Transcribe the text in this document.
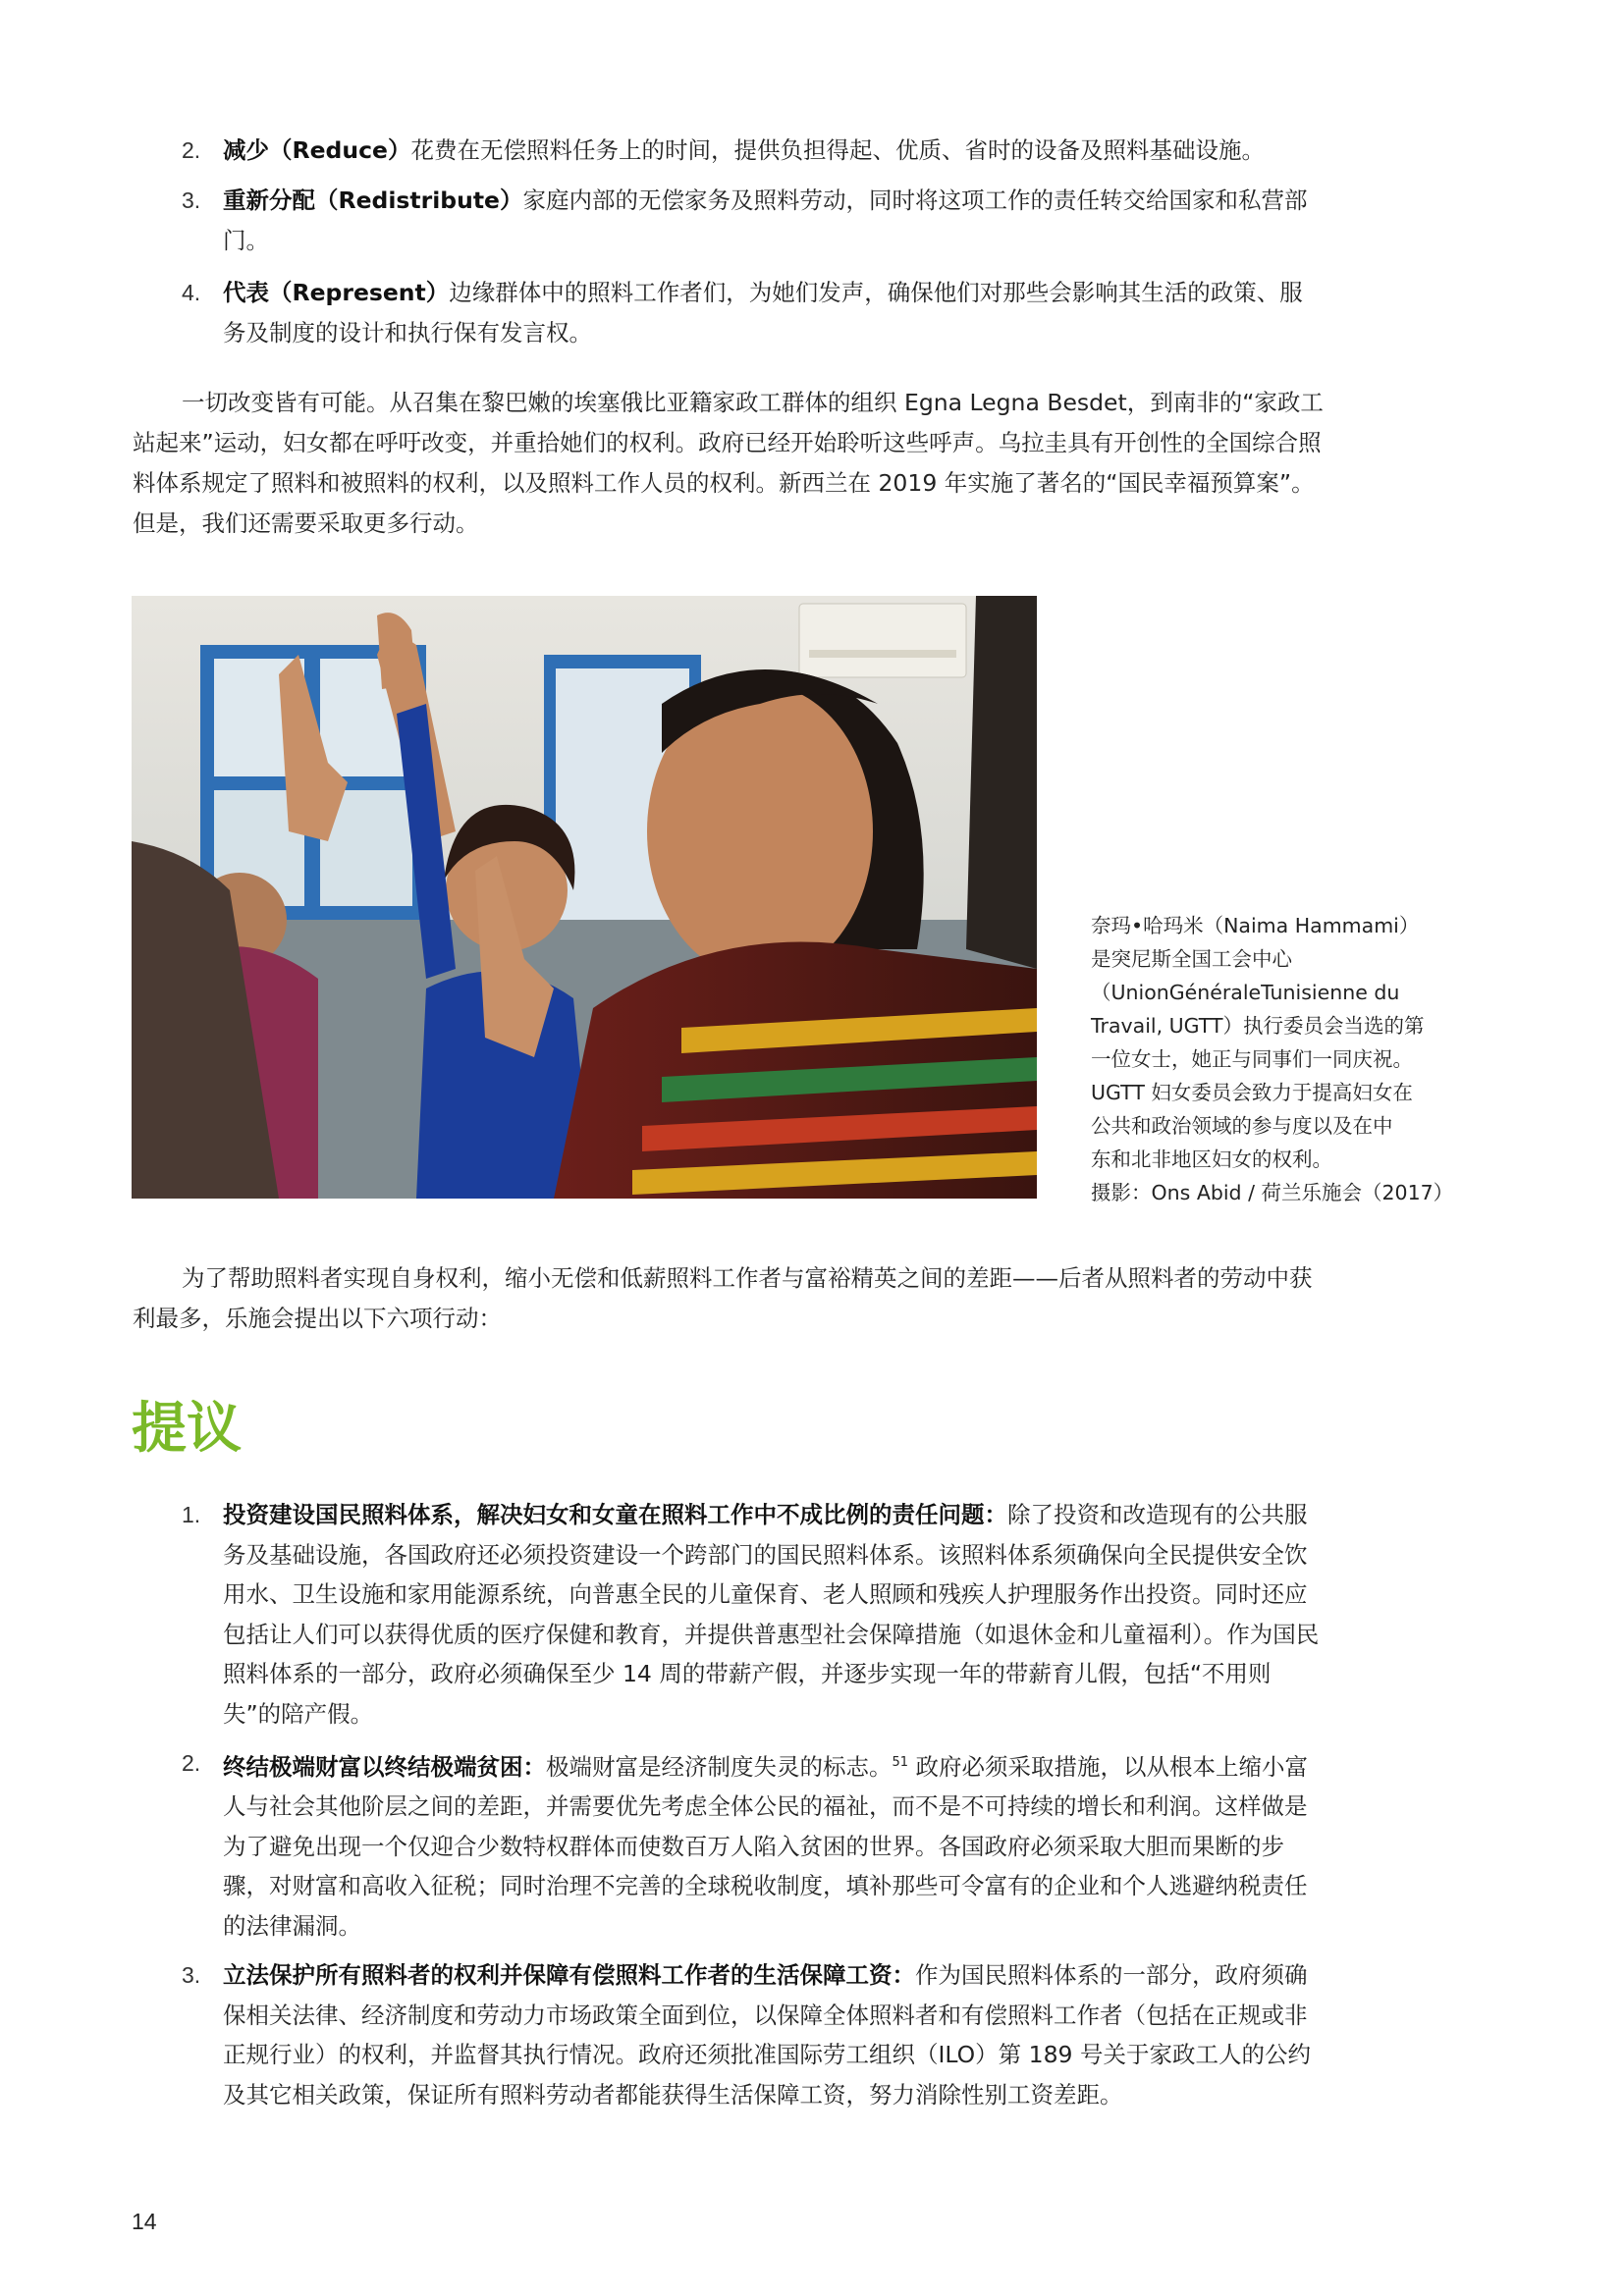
2. 减少（Reduce）花费在无偿照料任务上的时间，提供负担得起、优质、省时的设备及照料基础设施。
3. 重新分配（Redistribute）家庭内部的无偿家务及照料劳动，同时将这项工作的责任转交给国家和私营部门。
4. 代表（Represent）边缘群体中的照料工作者们，为她们发声，确保他们对那些会影响其生活的政策、服务及制度的设计和执行保有发言权。

一切改变皆有可能。从召集在黎巴嫩的埃塞俄比亚籍家政工群体的组织 Egna Legna Besdet，到南非的“家政工站起来”运动，妇女都在呼吁改变，并重拾她们的权利。政府已经开始聆听这些呼声。乌拉圭具有开创性的全国综合照料体系规定了照料和被照料的权利，以及照料工作人员的权利。新西兰在 2019 年实施了著名的“国民幸福预算案”。但是，我们还需要采取更多行动。

奈玛•哈玛米（Naima Hammami）
是突尼斯全国工会中心
（UnionGénéraleTunisienne du
Travail, UGTT）执行委员会当选的第
一位女士，她正与同事们一同庆祝。
UGTT 妇女委员会致力于提高妇女在
公共和政治领域的参与度以及在中
东和北非地区妇女的权利。
摄影：Ons Abid / 荷兰乐施会（2017）

为了帮助照料者实现自身权利，缩小无偿和低薪照料工作者与富裕精英之间的差距——后者从照料者的劳动中获利最多，乐施会提出以下六项行动：

提议
1. 投资建设国民照料体系，解决妇女和女童在照料工作中不成比例的责任问题：除了投资和改造现有的公共服务及基础设施，各国政府还必须投资建设一个跨部门的国民照料体系。该照料体系须确保向全民提供安全饮用水、卫生设施和家用能源系统，向普惠全民的儿童保育、老人照顾和残疾人护理服务作出投资。同时还应包括让人们可以获得优质的医疗保健和教育，并提供普惠型社会保障措施（如退休金和儿童福利）。作为国民照料体系的一部分，政府必须确保至少 14 周的带薪产假，并逐步实现一年的带薪育儿假，包括“不用则失”的陪产假。
2. 终结极端财富以终结极端贫困：极端财富是经济制度失灵的标志。$^{51}$ 政府必须采取措施，以从根本上缩小富人与社会其他阶层之间的差距，并需要优先考虑全体公民的福祉，而不是不可持续的增长和利润。这样做是为了避免出现一个仅迎合少数特权群体而使数百万人陷入贫困的世界。各国政府必须采取大胆而果断的步骤，对财富和高收入征税；同时治理不完善的全球税收制度，填补那些可令富有的企业和个人逃避纳税责任的法律漏洞。
3. 立法保护所有照料者的权利并保障有偿照料工作者的生活保障工资：作为国民照料体系的一部分，政府须确保相关法律、经济制度和劳动力市场政策全面到位，以保障全体照料者和有偿照料工作者（包括在正规或非正规行业）的权利，并监督其执行情况。政府还须批准国际劳工组织（ILO）第 189 号关于家政工人的公约及其它相关政策，保证所有照料劳动者都能获得生活保障工资，努力消除性别工资差距。
14
